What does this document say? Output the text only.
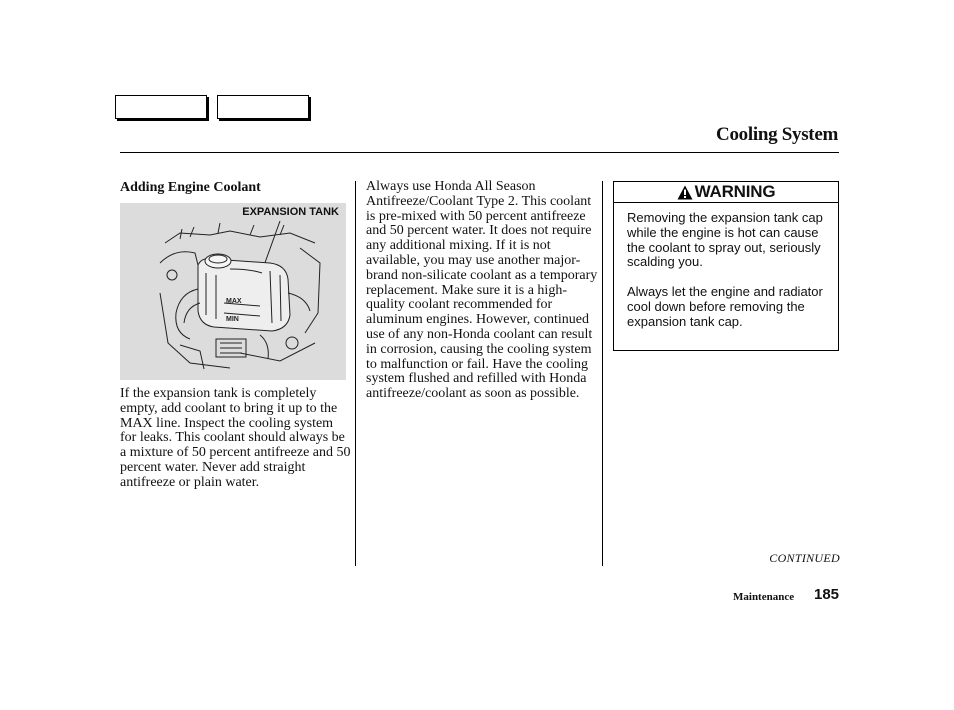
Cooling System
Adding Engine Coolant
MAX
MIN
EXPANSION TANK
If the expansion tank is completely empty, add coolant to bring it up to the MAX line. Inspect the cooling system for leaks. This coolant should always be a mixture of 50 percent antifreeze and 50 percent water. Never add straight antifreeze or plain water.
Always use Honda All Season Antifreeze/Coolant Type 2. This coolant is pre-mixed with 50 percent antifreeze and 50 percent water. It does not require any additional mixing. If it is not available, you may use another major-brand non-silicate coolant as a temporary replacement. Make sure it is a high-quality coolant recommended for aluminum engines. However, continued use of any non-Honda coolant can result in corrosion, causing the cooling system to malfunction or fail. Have the cooling system flushed and refilled with Honda antifreeze/coolant as soon as possible.
WARNING

Removing the expansion tank cap while the engine is hot can cause the coolant to spray out, seriously scalding you.

Always let the engine and radiator cool down before removing the expansion tank cap.

CONTINUED
Maintenance 185
